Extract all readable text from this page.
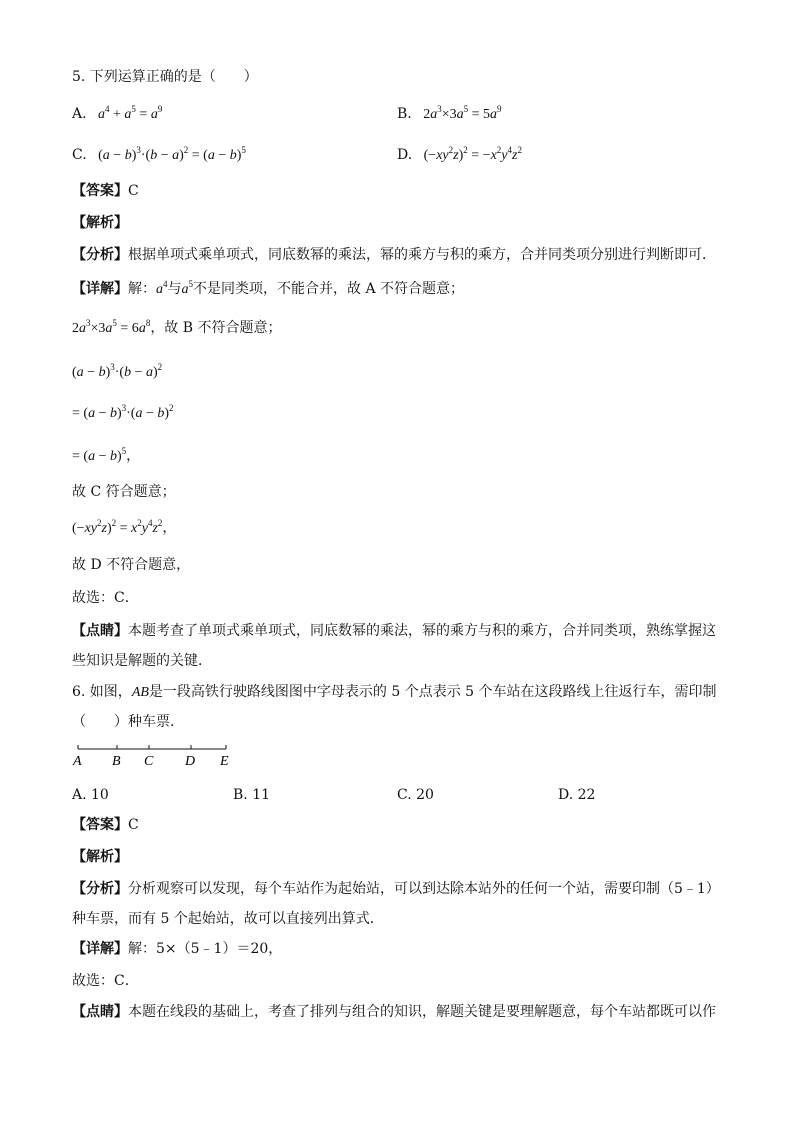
5. 下列运算正确的是（　　）
A.   $a^4 + a^5 = a^9$	B. $2a^3\times 3a^5 = 5a^9$
C. $(a - b)^3\cdot(b - a)^2 = (a - b)^5$	D. $(-xy^2z)^2 = -x^2y^4z^2$
【答案】C
【解析】
【分析】根据单项式乘单项式，同底数幂的乘法，幂的乘方与积的乘方，合并同类项分别进行判断即可．
【详解】解：$a^4$与$a^5$不是同类项，不能合并，故 A 不符合题意；
$2a^3\times 3a^5 = 6a^8$，故 B 不符合题意；
$(a - b)^3\cdot(b - a)^2$
= $(a - b)^3\cdot(a - b)^2$
= $(a - b)^5$，
故 C 符合题意；
$(-xy^2z)^2 = x^2y^4z^2$，
故 D 不符合题意，
故选：C．
【点睛】本题考查了单项式乘单项式，同底数幂的乘法，幂的乘方与积的乘方，合并同类项，熟练掌握这
些知识是解题的关键．
6. 如图，AB是一段高铁行驶路线图图中字母表示的 5 个点表示 5 个车站在这段路线上往返行车，需印制
（　　）种车票．
A B C D E
A. 10	B. 11	C. 20	D. 22
【答案】C
【解析】
【分析】分析观察可以发现，每个车站作为起始站，可以到达除本站外的任何一个站，需要印制（5﹣1）
种车票，而有 5 个起始站，故可以直接列出算式．
【详解】解：5×（5﹣1）＝20，
故选：C．
【点睛】本题在线段的基础上，考查了排列与组合的知识，解题关键是要理解题意，每个车站都既可以作
